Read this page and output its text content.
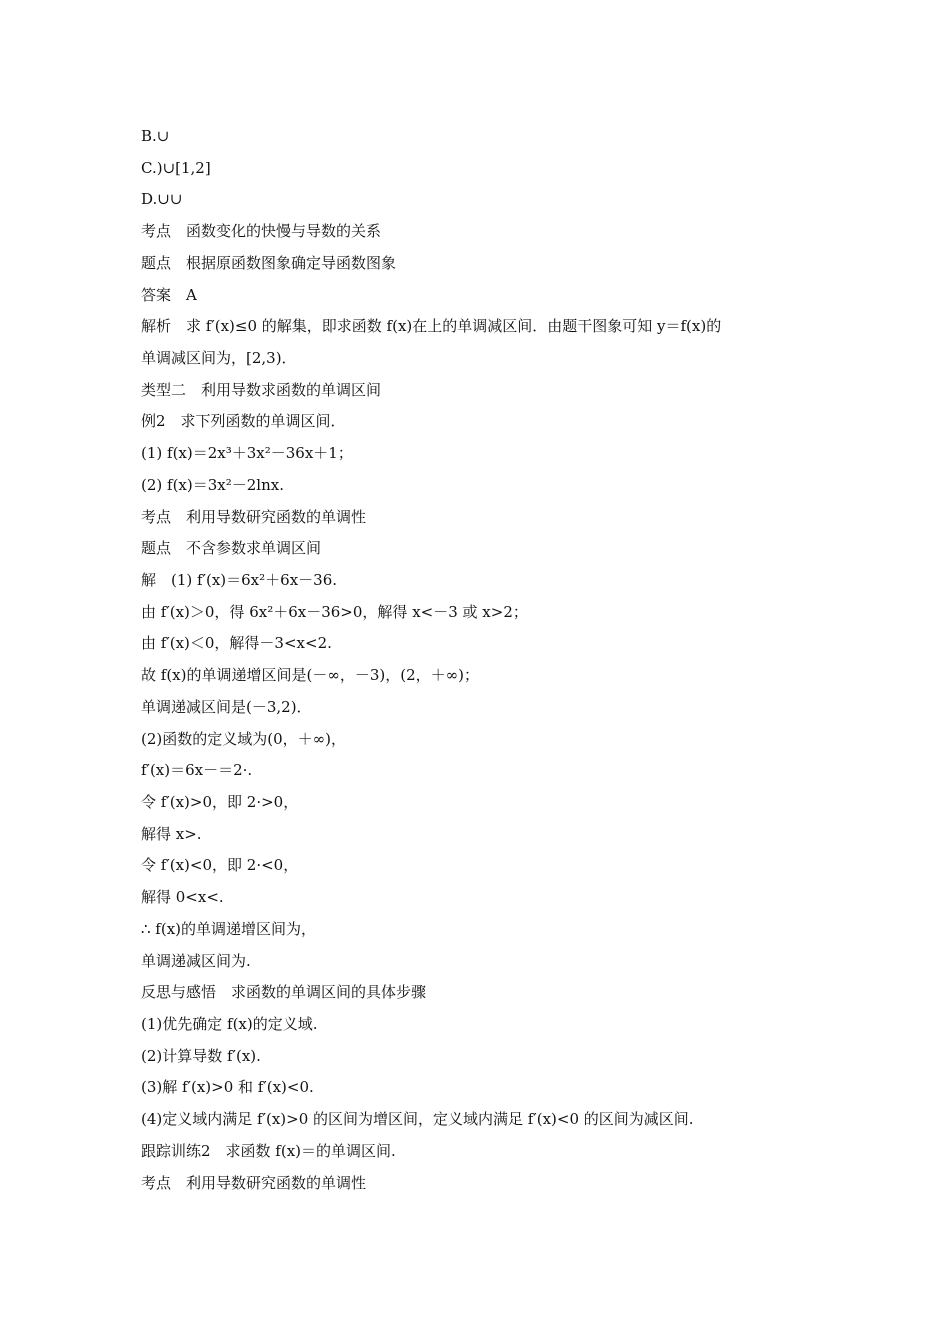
B.∪
C.)∪[1,2]
D.∪∪
考点　函数变化的快慢与导数的关系
题点　根据原函数图象确定导函数图象
答案　A
解析　求 f′(x)≤0 的解集，即求函数 f(x)在上的单调减区间．由题干图象可知 y＝f(x)的
单调减区间为，[2,3)．
类型二　利用导数求函数的单调区间
例2　求下列函数的单调区间．
(1) f(x)＝2x³＋3x²－36x＋1；
(2) f(x)＝3x²－2lnx.
考点　利用导数研究函数的单调性
题点　不含参数求单调区间
解　(1) f′(x)＝6x²＋6x－36.
由 f′(x)＞0，得 6x²＋6x－36>0，解得 x<－3 或 x>2；
由 f′(x)＜0，解得－3<x<2.
故 f(x)的单调递增区间是(－∞，－3)，(2，＋∞)；
单调递减区间是(－3,2)．
(2)函数的定义域为(0，＋∞)，
f′(x)＝6x－＝2·.
令 f′(x)>0，即 2·>0，
解得 x>.
令 f′(x)<0，即 2·<0，
解得 0<x<.
∴ f(x)的单调递增区间为，
单调递减区间为.
反思与感悟　求函数的单调区间的具体步骤
(1)优先确定 f(x)的定义域.
(2)计算导数 f′(x).
(3)解 f′(x)>0 和 f′(x)<0.
(4)定义域内满足 f′(x)>0 的区间为增区间，定义域内满足 f′(x)<0 的区间为减区间.
跟踪训练2　求函数 f(x)＝的单调区间.
考点　利用导数研究函数的单调性
